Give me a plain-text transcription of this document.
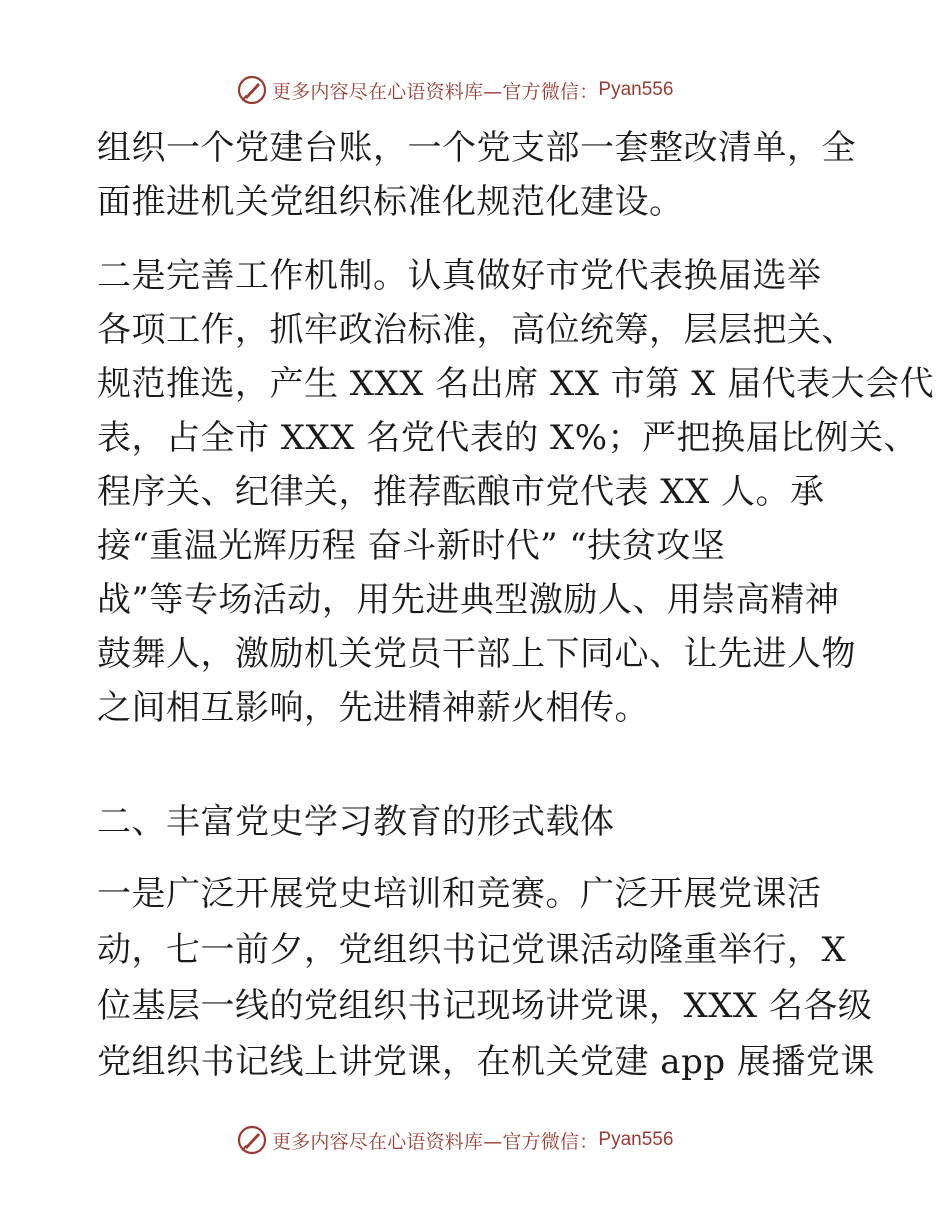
更多内容尽在心语资料库—官方微信： Pyan556

组织一个党建台账，一个党支部一套整改清单，全

面推进机关党组织标准化规范化建设。

二是完善工作机制。认真做好市党代表换届选举

各项工作，抓牢政治标准，高位统筹，层层把关、

规范推选，产生 XXX 名出席 XX 市第 X 届代表大会代

表，占全市 XXX 名党代表的 X%；严把换届比例关、

程序关、纪律关，推荐酝酿市党代表 XX 人。承

接“重温光辉历程 奋斗新时代” “扶贫攻坚

战”等专场活动，用先进典型激励人、用崇高精神

鼓舞人，激励机关党员干部上下同心、让先进人物

之间相互影响，先进精神薪火相传。

二、丰富党史学习教育的形式载体

一是广泛开展党史培训和竞赛。广泛开展党课活

动，七一前夕，党组织书记党课活动隆重举行，X

位基层一线的党组织书记现场讲党课，XXX 名各级

党组织书记线上讲党课，在机关党建 app 展播党课

更多内容尽在心语资料库—官方微信： Pyan556
